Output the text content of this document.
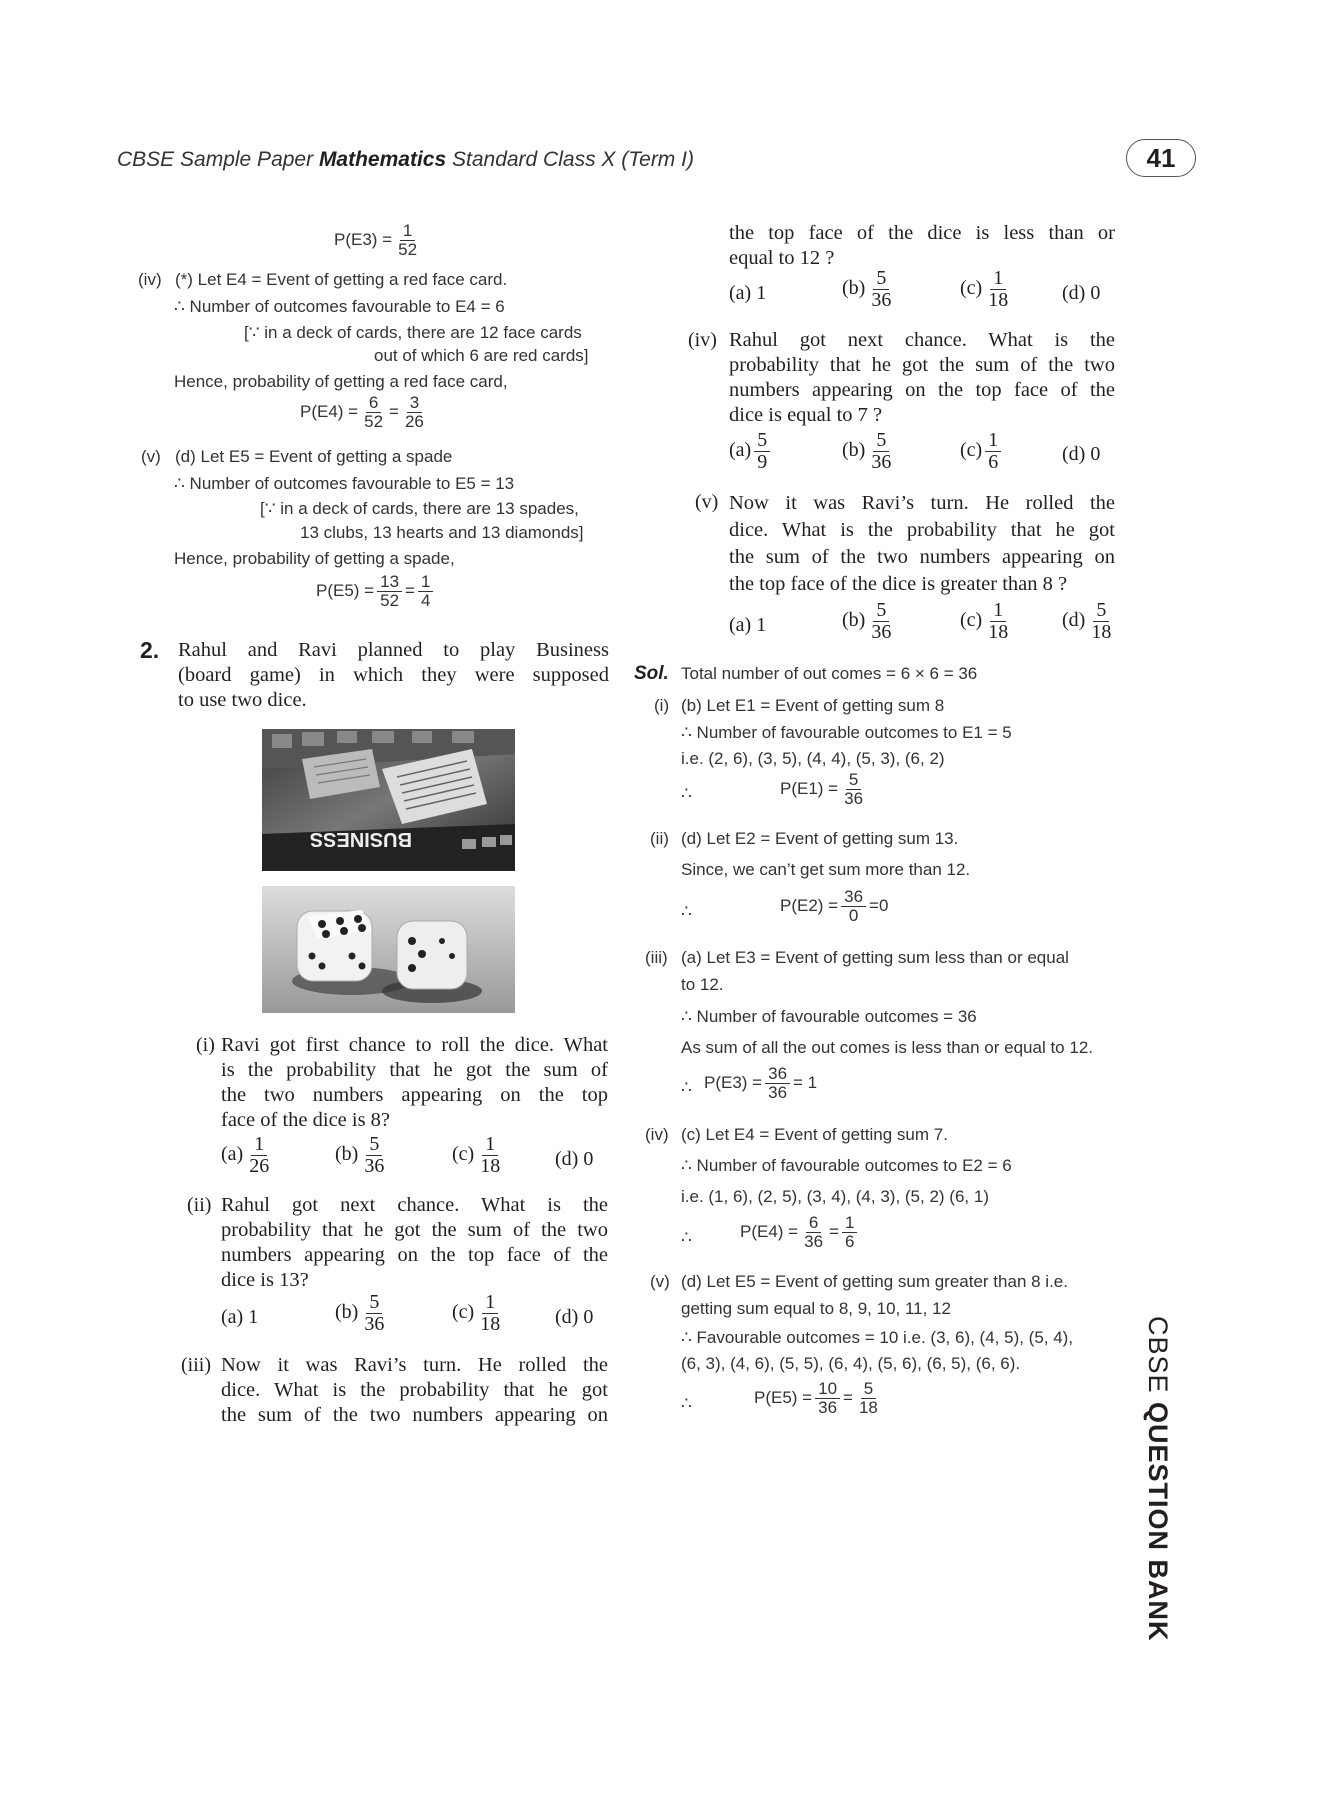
CBSE Sample Paper Mathematics Standard Class X (Term I)	41
CBSE QUESTION BANK
$P(E3) = \frac{1}{52}$
(iv) (*) Let E4 = Event of getting a red face card.
∴ Number of outcomes favourable to E4 = 6
[∵ in a deck of cards, there are 12 face cards
out of which 6 are red cards]
Hence, probability of getting a red face card,
$P(E4) = \frac{6}{52} = \frac{3}{26}$
(v) (d) Let E5 = Event of getting a spade
∴ Number of outcomes favourable to E5 = 13
[∵ in a deck of cards, there are 13 spades,
13 clubs, 13 hearts and 13 diamonds]
Hence, probability of getting a spade,
$P(E5) = \frac{13}{52} = \frac{1}{4}$
2. Rahul and Ravi planned to play Business
(board game) in which they were supposed
to use two dice.
BUSINESS
(i) Ravi got first chance to roll the dice. What
is the probability that he got the sum of
the two numbers appearing on the top
face of the dice is 8?
$(a) \frac{1}{26}$	$(b) \frac{5}{36}$	$(c) \frac{1}{18}$	(d) 0
(ii) Rahul got next chance. What is the
probability that he got the sum of the two
numbers appearing on the top face of the
dice is 13?
(a) 1	$(b) \frac{5}{36}$	$(c) \frac{1}{18}$	(d) 0
(iii) Now it was Ravi’s turn. He rolled the
dice. What is the probability that he got
the sum of the two numbers appearing on
the top face of the dice is less than or
equal to 12 ?
(a) 1	$(b) \frac{5}{36}$	$(c) \frac{1}{18}$	(d) 0
(iv) Rahul got next chance. What is the
probability that he got the sum of the two
numbers appearing on the top face of the
dice is equal to 7 ?
$(a) \frac{5}{9}$	$(b) \frac{5}{36}$	$(c) \frac{1}{6}$	(d) 0
(v) Now it was Ravi’s turn. He rolled the
dice. What is the probability that he got
the sum of the two numbers appearing on
the top face of the dice is greater than 8 ?
(a) 1	$(b) \frac{5}{36}$	$(c) \frac{1}{18}$	$(d) \frac{5}{18}$
Sol. Total number of out comes = 6 × 6 = 36
(i) (b) Let E1 = Event of getting sum 8
∴ Number of favourable outcomes to E1 = 5
i.e. (2, 6), (3, 5), (4, 4), (5, 3), (6, 2)
∴	$P(E1) = \frac{5}{36}$
(ii) (d) Let E2 = Event of getting sum 13.
Since, we can’t get sum more than 12.
∴	$P(E2) = \frac{36}{0} =0$
(iii) (a) Let E3 = Event of getting sum less than or equal
to 12.
∴ Number of favourable outcomes = 36
As sum of all the out comes is less than or equal to 12.
∴ $P(E3) = \frac{36}{36} = 1$
(iv) (c) Let E4 = Event of getting sum 7.
∴ Number of favourable outcomes to E2 = 6
i.e. (1, 6), (2, 5), (3, 4), (4, 3), (5, 2) (6, 1)
∴	$P(E4) = \frac{6}{36} = \frac{1}{6}$
(v) (d) Let E5 = Event of getting sum greater than 8 i.e.
getting sum equal to 8, 9, 10, 11, 12
∴ Favourable outcomes = 10 i.e. (3, 6), (4, 5), (5, 4),
(6, 3), (4, 6), (5, 5), (6, 4), (5, 6), (6, 5), (6, 6).
∴	$P(E5) = \frac{10}{36} = \frac{5}{18}$
